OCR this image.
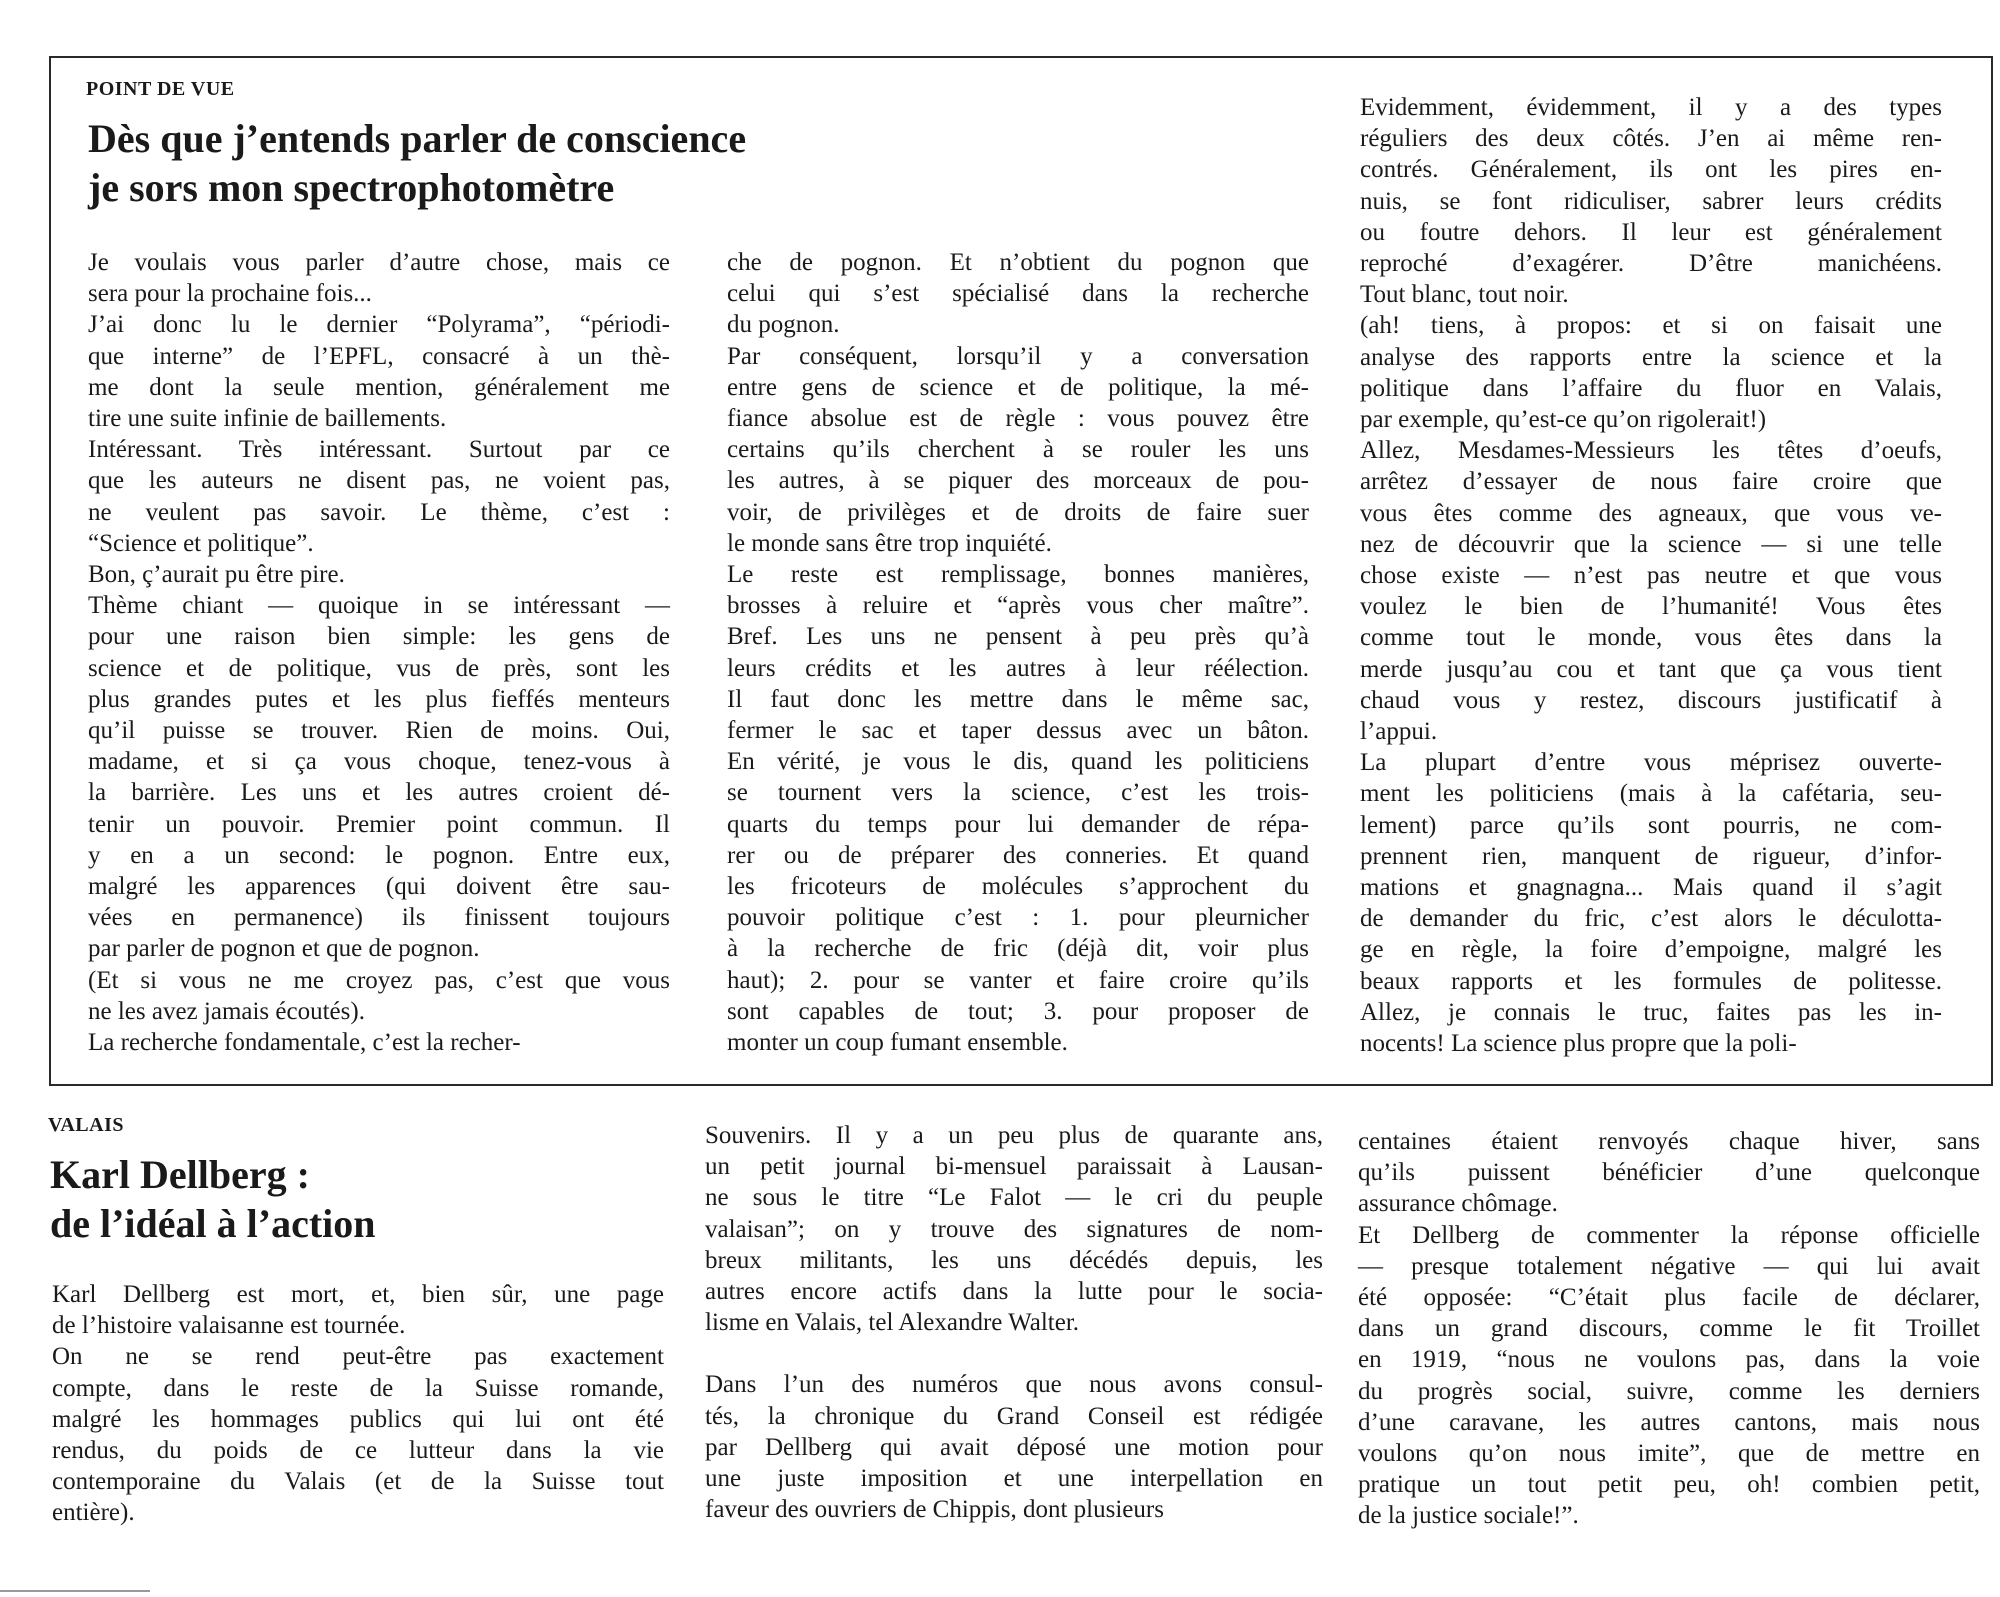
POINT DE VUE
Dès que j’entends parler de conscience
je sors mon spectrophotomètre

Je voulais vous parler d’autre chose, mais ce
sera pour la prochaine fois...

J’ai donc lu le dernier “Polyrama”, “périodi-
que interne” de l’EPFL, consacré à un thè-
me dont la seule mention, généralement me
tire une suite infinie de baillements.

Intéressant. Très intéressant. Surtout par ce
que les auteurs ne disent pas, ne voient pas,
ne veulent pas savoir. Le thème, c’est :
“Science et politique”.

Bon, ç’aurait pu être pire.

Thème chiant — quoique in se intéressant —
pour une raison bien simple: les gens de
science et de politique, vus de près, sont les
plus grandes putes et les plus fieffés menteurs
qu’il puisse se trouver. Rien de moins. Oui,
madame, et si ça vous choque, tenez-vous à
la barrière. Les uns et les autres croient dé-
tenir un pouvoir. Premier point commun. Il
y en a un second: le pognon. Entre eux,
malgré les apparences (qui doivent être sau-
vées en permanence) ils finissent toujours
par parler de pognon et que de pognon.

(Et si vous ne me croyez pas, c’est que vous
ne les avez jamais écoutés).

La recherche fondamentale, c’est la recher-

che de pognon. Et n’obtient du pognon que
celui qui s’est spécialisé dans la recherche
du pognon.

Par conséquent, lorsqu’il y a conversation
entre gens de science et de politique, la mé-
fiance absolue est de règle : vous pouvez être
certains qu’ils cherchent à se rouler les uns
les autres, à se piquer des morceaux de pou-
voir, de privilèges et de droits de faire suer
le monde sans être trop inquiété.

Le reste est remplissage, bonnes manières,
brosses à reluire et “après vous cher maître”.
Bref. Les uns ne pensent à peu près qu’à
leurs crédits et les autres à leur réélection.
Il faut donc les mettre dans le même sac,
fermer le sac et taper dessus avec un bâton.
En vérité, je vous le dis, quand les politiciens
se tournent vers la science, c’est les trois-
quarts du temps pour lui demander de répa-
rer ou de préparer des conneries. Et quand
les fricoteurs de molécules s’approchent du
pouvoir politique c’est : 1. pour pleurnicher
à la recherche de fric (déjà dit, voir plus
haut); 2. pour se vanter et faire croire qu’ils
sont capables de tout; 3. pour proposer de
monter un coup fumant ensemble.

Evidemment, évidemment, il y a des types
réguliers des deux côtés. J’en ai même ren-
contrés. Généralement, ils ont les pires en-
nuis, se font ridiculiser, sabrer leurs crédits
ou foutre dehors. Il leur est généralement
reproché d’exagérer. D’être manichéens.
Tout blanc, tout noir.

(ah! tiens, à propos: et si on faisait une
analyse des rapports entre la science et la
politique dans l’affaire du fluor en Valais,
par exemple, qu’est-ce qu’on rigolerait!)

Allez, Mesdames-Messieurs les têtes d’oeufs,
arrêtez d’essayer de nous faire croire que
vous êtes comme des agneaux, que vous ve-
nez de découvrir que la science — si une telle
chose existe — n’est pas neutre et que vous
voulez le bien de l’humanité! Vous êtes
comme tout le monde, vous êtes dans la
merde jusqu’au cou et tant que ça vous tient
chaud vous y restez, discours justificatif à
l’appui.

La plupart d’entre vous méprisez ouverte-
ment les politiciens (mais à la cafétaria, seu-
lement) parce qu’ils sont pourris, ne com-
prennent rien, manquent de rigueur, d’infor-
mations et gnagnagna... Mais quand il s’agit
de demander du fric, c’est alors le déculotta-
ge en règle, la foire d’empoigne, malgré les
beaux rapports et les formules de politesse.
Allez, je connais le truc, faites pas les in-
nocents! La science plus propre que la poli-

VALAIS
Karl Dellberg :
de l’idéal à l’action

Karl Dellberg est mort, et, bien sûr, une page
de l’histoire valaisanne est tournée.

On ne se rend peut-être pas exactement
compte, dans le reste de la Suisse romande,
malgré les hommages publics qui lui ont été
rendus, du poids de ce lutteur dans la vie
contemporaine du Valais (et de la Suisse tout
entière).

Souvenirs. Il y a un peu plus de quarante ans,
un petit journal bi-mensuel paraissait à Lausan-
ne sous le titre “Le Falot — le cri du peuple
valaisan”; on y trouve des signatures de nom-
breux militants, les uns décédés depuis, les
autres encore actifs dans la lutte pour le socia-
lisme en Valais, tel Alexandre Walter.

Dans l’un des numéros que nous avons consul-
tés, la chronique du Grand Conseil est rédigée
par Dellberg qui avait déposé une motion pour
une juste imposition et une interpellation en
faveur des ouvriers de Chippis, dont plusieurs

centaines étaient renvoyés chaque hiver, sans
qu’ils puissent bénéficier d’une quelconque
assurance chômage.

Et Dellberg de commenter la réponse officielle
— presque totalement négative — qui lui avait
été opposée: “C’était plus facile de déclarer,
dans un grand discours, comme le fit Troillet
en 1919, “nous ne voulons pas, dans la voie
du progrès social, suivre, comme les derniers
d’une caravane, les autres cantons, mais nous
voulons qu’on nous imite”, que de mettre en
pratique un tout petit peu, oh! combien petit,
de la justice sociale!”.
